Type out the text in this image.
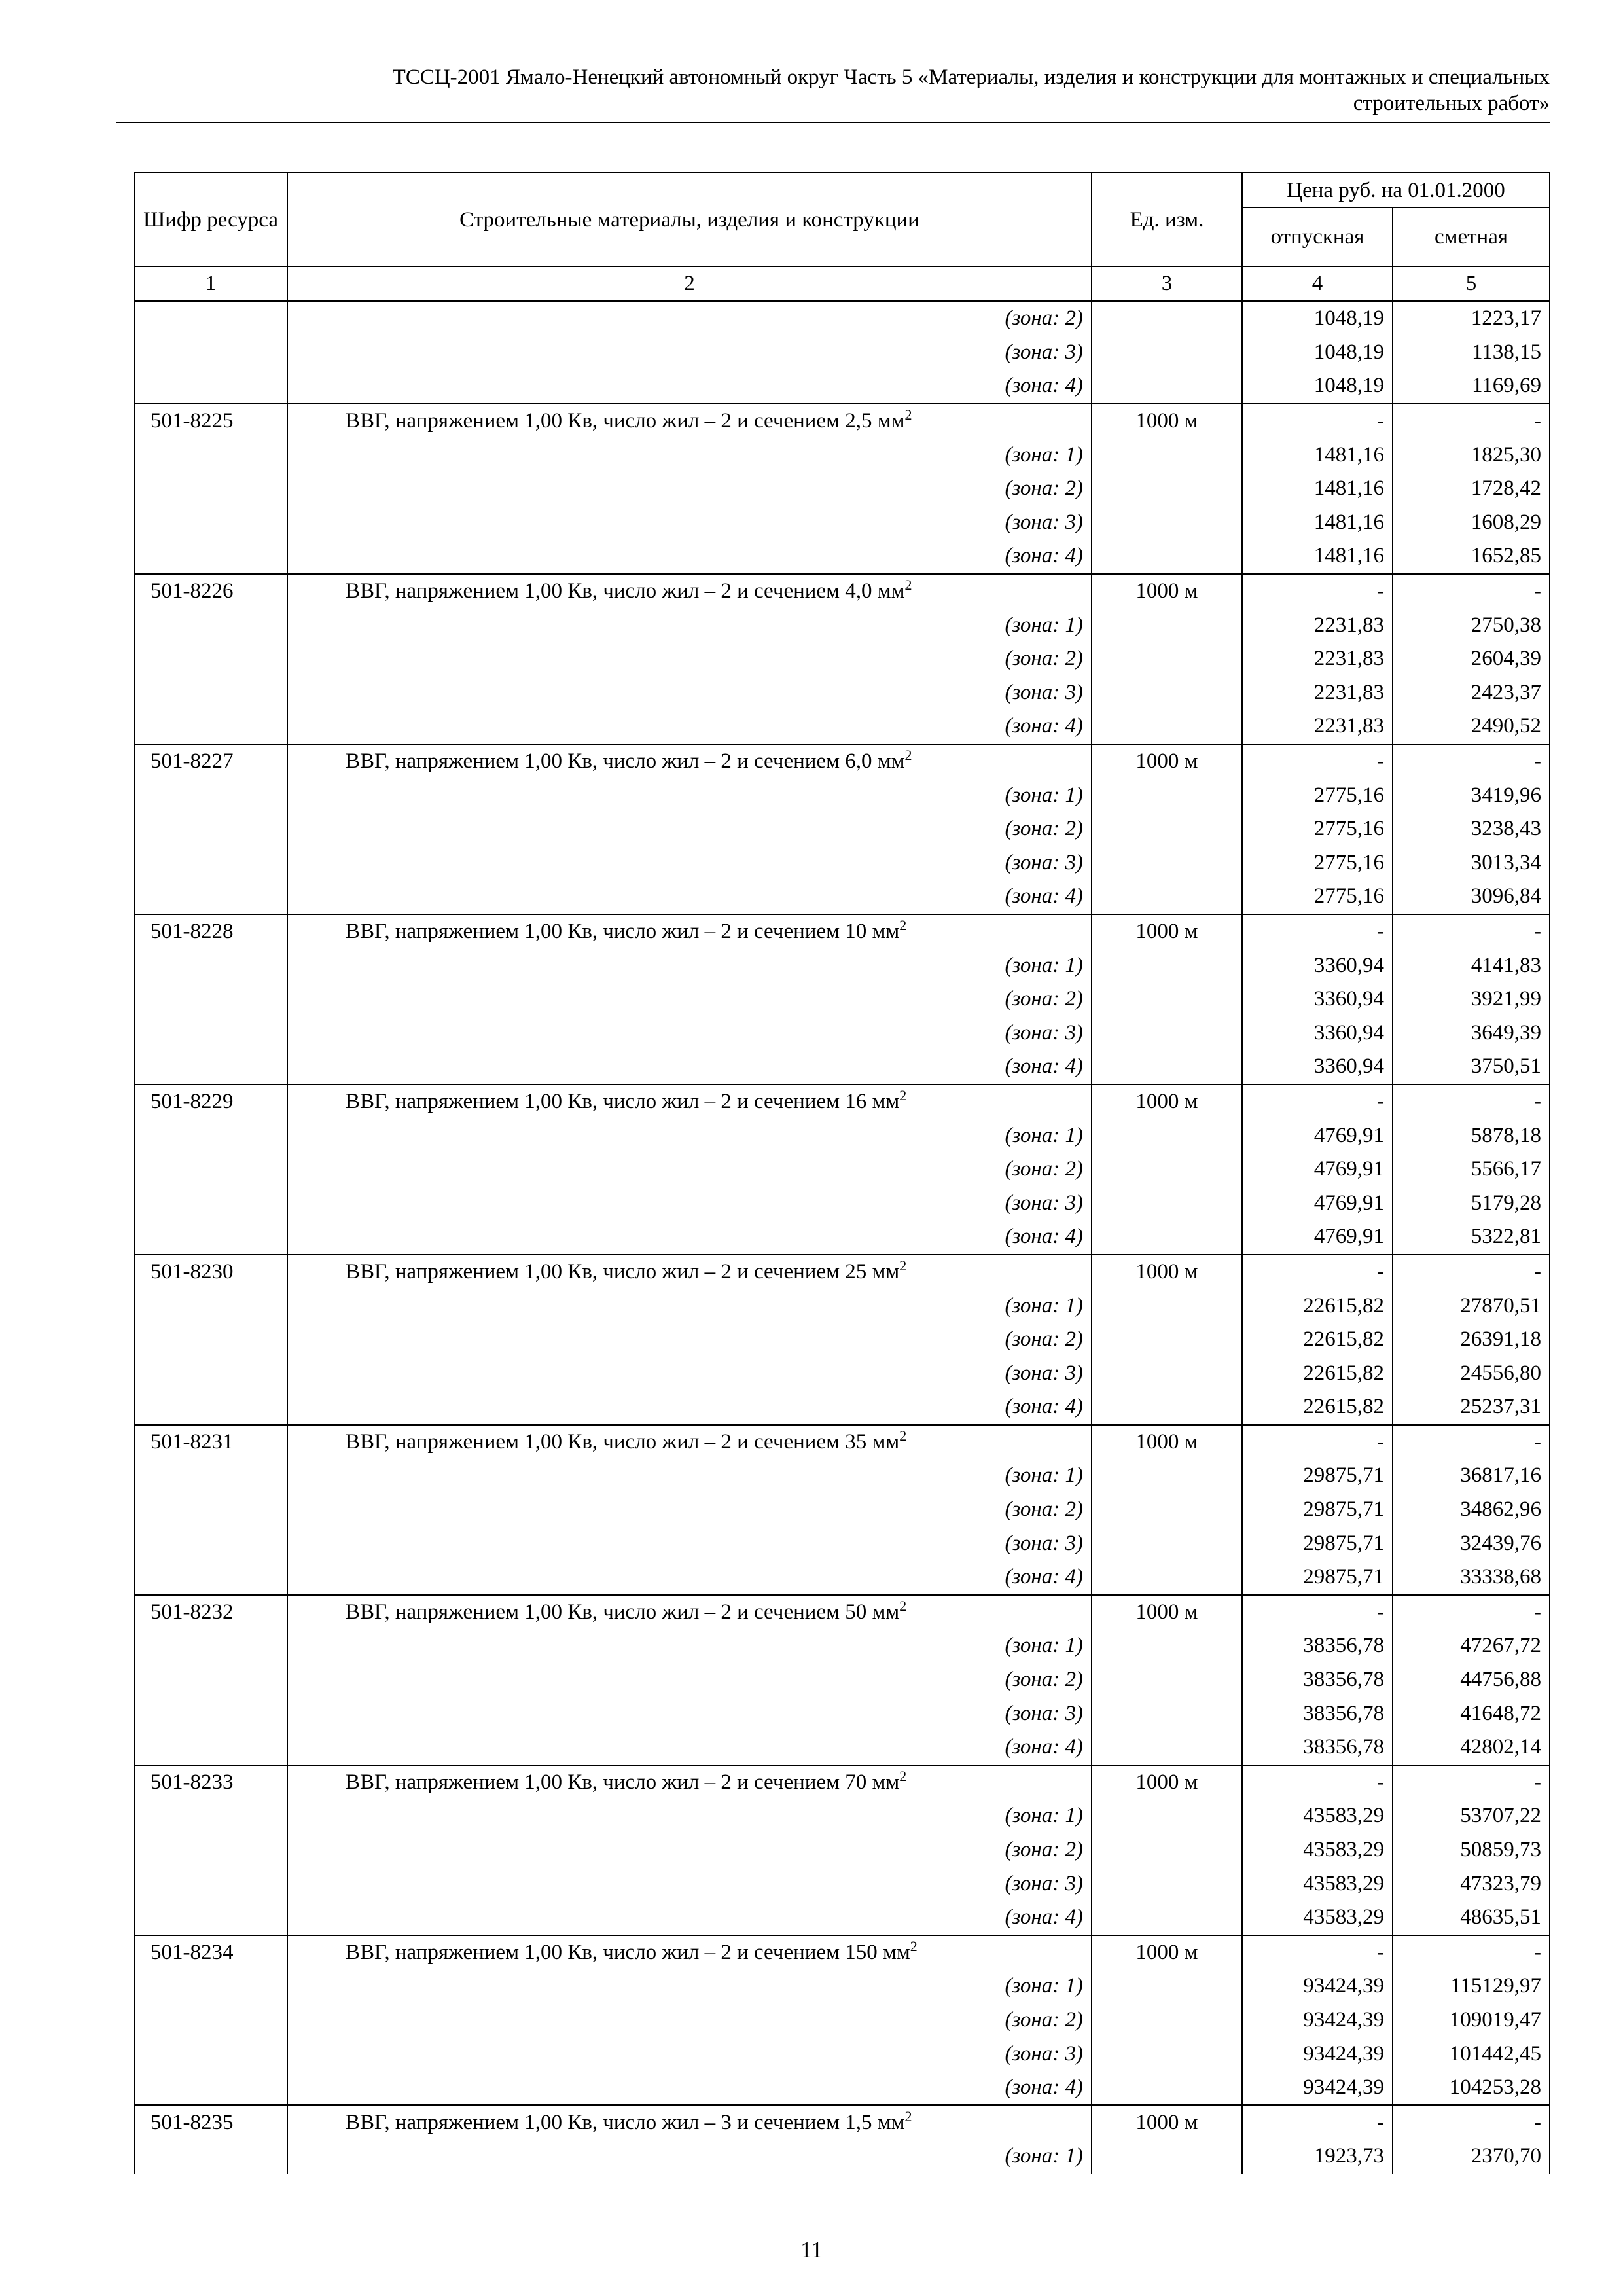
ТССЦ-2001 Ямало-Ненецкий автономный округ Часть 5 «Материалы, изделия и конструкции для монтажных и специальных
строительных работ»
Шифр ресурса	Строительные материалы, изделия и конструкции	Ед. изм.	Цена руб. на 01.01.2000	
			отпускная	сметная
1	2	3	4	5
	(зона: 2)		1048,19	1223,17
	(зона: 3)		1048,19	1138,15
	(зона: 4)		1048,19	1169,69
501-8225	ВВГ, напряжением 1,00 Кв, число жил – 2 и сечением 2,5 $мм^2$	1000 м	-	-
	(зона: 1)		1481,16	1825,30
	(зона: 2)		1481,16	1728,42
	(зона: 3)		1481,16	1608,29
	(зона: 4)		1481,16	1652,85
501-8226	ВВГ, напряжением 1,00 Кв, число жил – 2 и сечением 4,0 $мм^2$	1000 м	-	-
	(зона: 1)		2231,83	2750,38
	(зона: 2)		2231,83	2604,39
	(зона: 3)		2231,83	2423,37
	(зона: 4)		2231,83	2490,52
501-8227	ВВГ, напряжением 1,00 Кв, число жил – 2 и сечением 6,0 $мм^2$	1000 м	-	-
	(зона: 1)		2775,16	3419,96
	(зона: 2)		2775,16	3238,43
	(зона: 3)		2775,16	3013,34
	(зона: 4)		2775,16	3096,84
501-8228	ВВГ, напряжением 1,00 Кв, число жил – 2 и сечением 10 $мм^2$	1000 м	-	-
	(зона: 1)		3360,94	4141,83
	(зона: 2)		3360,94	3921,99
	(зона: 3)		3360,94	3649,39
	(зона: 4)		3360,94	3750,51
501-8229	ВВГ, напряжением 1,00 Кв, число жил – 2 и сечением 16 $мм^2$	1000 м	-	-
	(зона: 1)		4769,91	5878,18
	(зона: 2)		4769,91	5566,17
	(зона: 3)		4769,91	5179,28
	(зона: 4)		4769,91	5322,81
501-8230	ВВГ, напряжением 1,00 Кв, число жил – 2 и сечением 25 $мм^2$	1000 м	-	-
	(зона: 1)		22615,82	27870,51
	(зона: 2)		22615,82	26391,18
	(зона: 3)		22615,82	24556,80
	(зона: 4)		22615,82	25237,31
501-8231	ВВГ, напряжением 1,00 Кв, число жил – 2 и сечением 35 $мм^2$	1000 м	-	-
	(зона: 1)		29875,71	36817,16
	(зона: 2)		29875,71	34862,96
	(зона: 3)		29875,71	32439,76
	(зона: 4)		29875,71	33338,68
501-8232	ВВГ, напряжением 1,00 Кв, число жил – 2 и сечением 50 $мм^2$	1000 м	-	-
	(зона: 1)		38356,78	47267,72
	(зона: 2)		38356,78	44756,88
	(зона: 3)		38356,78	41648,72
	(зона: 4)		38356,78	42802,14
501-8233	ВВГ, напряжением 1,00 Кв, число жил – 2 и сечением 70 $мм^2$	1000 м	-	-
	(зона: 1)		43583,29	53707,22
	(зона: 2)		43583,29	50859,73
	(зона: 3)		43583,29	47323,79
	(зона: 4)		43583,29	48635,51
501-8234	ВВГ, напряжением 1,00 Кв, число жил – 2 и сечением 150 $мм^2$	1000 м	-	-
	(зона: 1)		93424,39	115129,97
	(зона: 2)		93424,39	109019,47
	(зона: 3)		93424,39	101442,45
	(зона: 4)		93424,39	104253,28
501-8235	ВВГ, напряжением 1,00 Кв, число жил – 3 и сечением 1,5 $мм^2$	1000 м	-	-
	(зона: 1)		1923,73	2370,70
11
